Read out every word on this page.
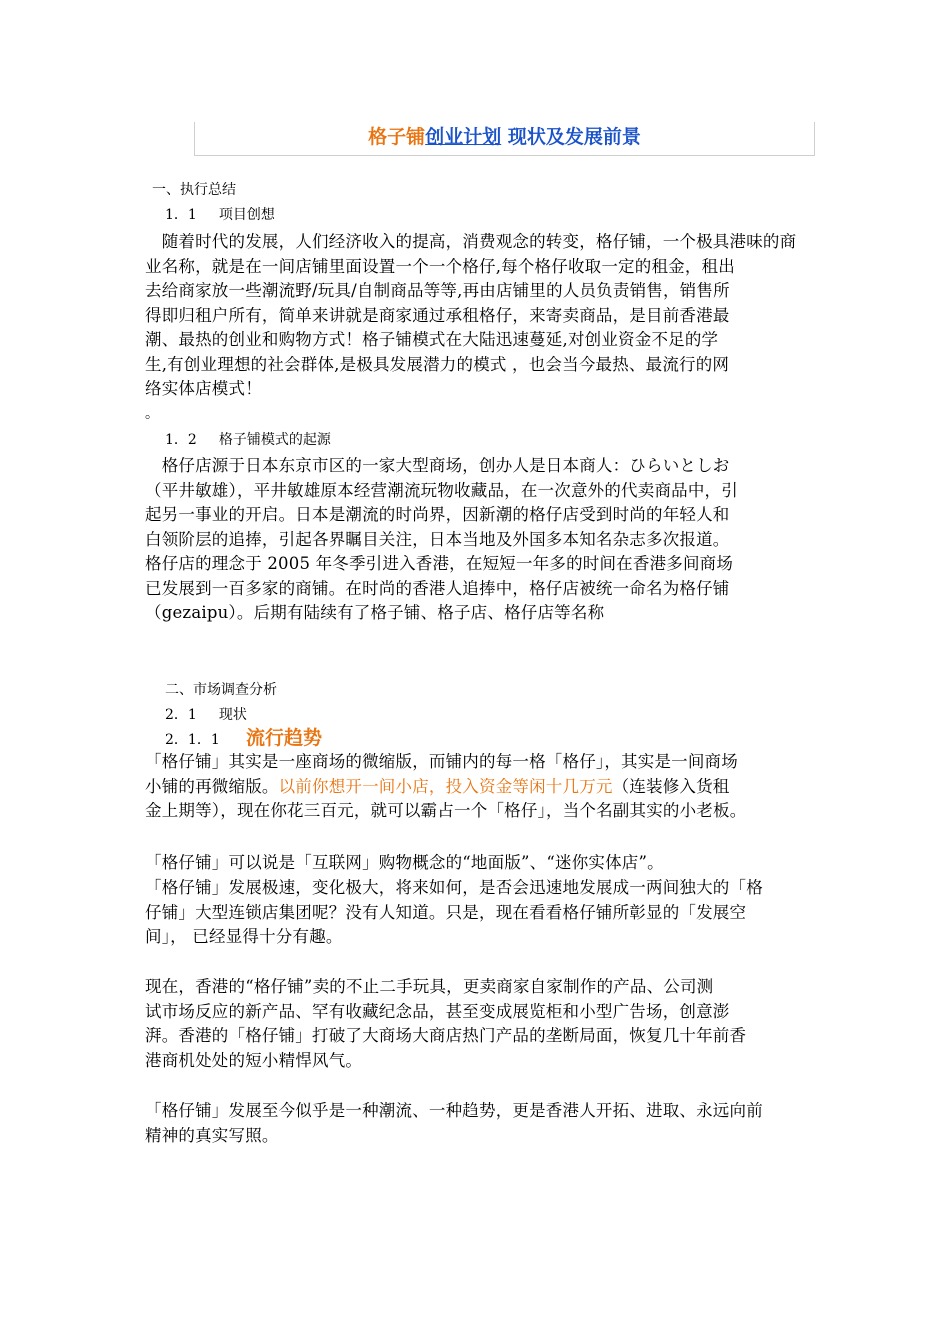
格子铺创业计划 现状及发展前景
一、执行总结
1．1 项目创想

　随着时代的发展，人们经济收入的提高，消费观念的转变，格仔铺，一个极具港味的商

业名称，就是在一间店铺里面设置一个一个格仔,每个格仔收取一定的租金，租出

去给商家放一些潮流野/玩具/自制商品等等,再由店铺里的人员负责销售，销售所

得即归租户所有，简单来讲就是商家通过承租格仔，来寄卖商品，是目前香港最

潮、最热的创业和购物方式！格子铺模式在大陆迅速蔓延,对创业资金不足的学

生,有创业理想的社会群体,是极具发展潜力的模式 ，也会当今最热、最流行的网

络实体店模式！

。
1．2 格子铺模式的起源

　格仔店源于日本东京市区的一家大型商场，创办人是日本商人：ひらいとしお

（平井敏雄），平井敏雄原本经营潮流玩物收藏品，在一次意外的代卖商品中，引

起另一事业的开启。日本是潮流的时尚界，因新潮的格仔店受到时尚的年轻人和

白领阶层的追捧，引起各界瞩目关注，日本当地及外国多本知名杂志多次报道。

格仔店的理念于 2005 年冬季引进入香港，在短短一年多的时间在香港多间商场

已发展到一百多家的商铺。在时尚的香港人追捧中，格仔店被统一命名为格仔铺

（gezaipu）。后期有陆续有了格子铺、格子店、格仔店等名称

二、市场调查分析
2．1 现状
2．1．1 流行趋势

「格仔铺」其实是一座商场的微缩版，而铺内的每一格「格仔」，其实是一间商场

小铺的再微缩版。以前你想开一间小店，投入资金等闲十几万元（连装修入货租

金上期等），现在你花三百元，就可以霸占一个「格仔」，当个名副其实的小老板。

「格仔铺」可以说是「互联网」购物概念的“地面版”、“迷你实体店”。

「格仔铺」发展极速，变化极大，将来如何，是否会迅速地发展成一两间独大的「格

仔铺」大型连锁店集团呢？没有人知道。只是，现在看看格仔铺所彰显的「发展空

间」， 已经显得十分有趣。

现在，香港的“格仔铺”卖的不止二手玩具，更卖商家自家制作的产品、公司测

试市场反应的新产品、罕有收藏纪念品，甚至变成展览柜和小型广告场，创意澎

湃。香港的「格仔铺」打破了大商场大商店热门产品的垄断局面，恢复几十年前香

港商机处处的短小精悍风气。

「格仔铺」发展至今似乎是一种潮流、一种趋势，更是香港人开拓、进取、永远向前

精神的真实写照。
